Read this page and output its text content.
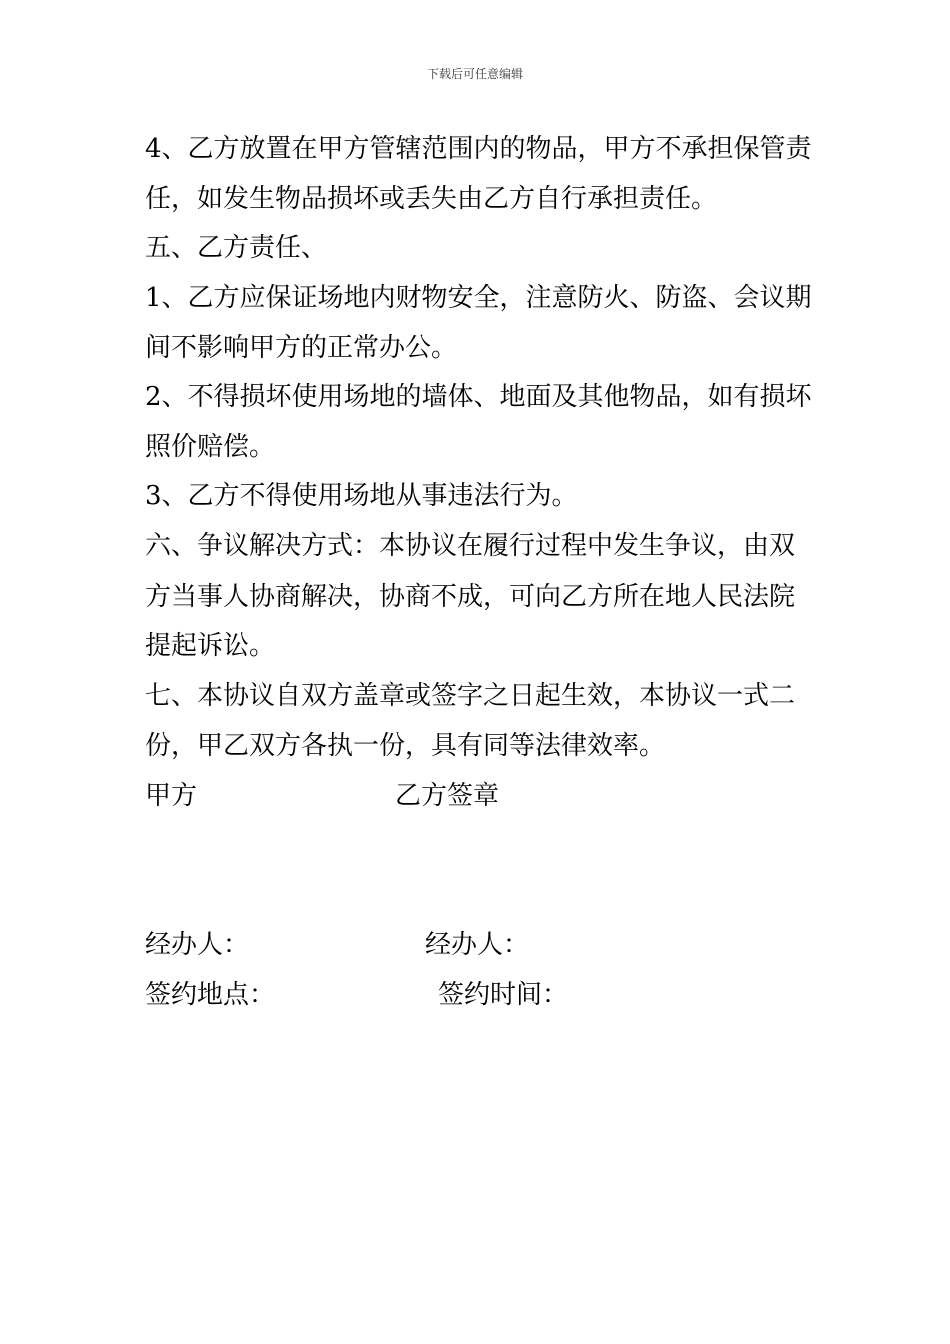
下载后可任意编辑
4、乙方放置在甲方管辖范围内的物品，甲方不承担保管责
任，如发生物品损坏或丢失由乙方自行承担责任。
五、乙方责任、
1、乙方应保证场地内财物安全，注意防火、防盗、会议期
间不影响甲方的正常办公。
2、不得损坏使用场地的墙体、地面及其他物品，如有损坏
照价赔偿。
3、乙方不得使用场地从事违法行为。
六、争议解决方式：本协议在履行过程中发生争议，由双
方当事人协商解决，协商不成，可向乙方所在地人民法院
提起诉讼。
七、本协议自双方盖章或签字之日起生效，本协议一式二
份，甲乙双方各执一份，具有同等法律效率。
甲方	乙方签章
经办人：	经办人：
签约地点：	签约时间：
